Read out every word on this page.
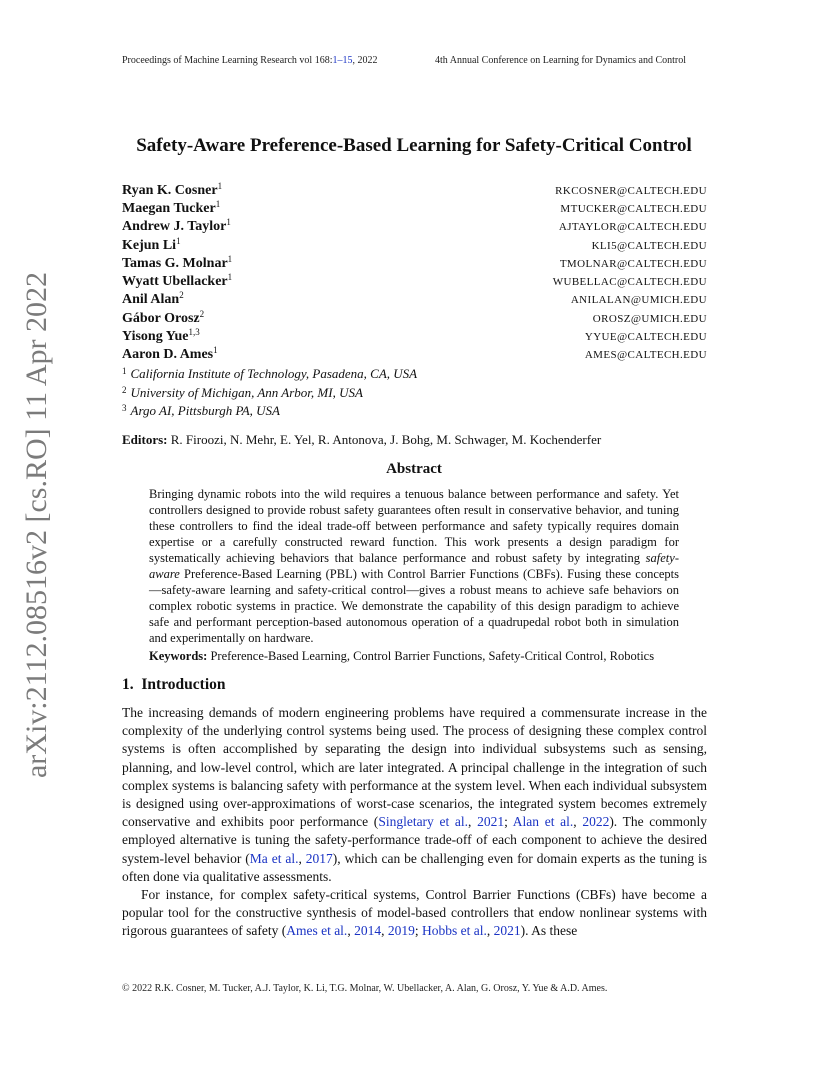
Proceedings of Machine Learning Research vol 168:1–15, 2022	4th Annual Conference on Learning for Dynamics and Control
arXiv:2112.08516v2 [cs.RO] 11 Apr 2022
Safety-Aware Preference-Based Learning for Safety-Critical Control
Ryan K. Cosner$^1$	RKCOSNER@CALTECH.EDU
Maegan Tucker$^1$	MTUCKER@CALTECH.EDU
Andrew J. Taylor$^1$	AJTAYLOR@CALTECH.EDU
Kejun Li$^1$	KLI5@CALTECH.EDU
Tamas G. Molnar$^1$	TMOLNAR@CALTECH.EDU
Wyatt Ubellacker$^1$	WUBELLAC@CALTECH.EDU
Anil Alan$^2$	ANILALAN@UMICH.EDU
Gábor Orosz$^2$	OROSZ@UMICH.EDU
Yisong Yue$^{1,3}$	YYUE@CALTECH.EDU
Aaron D. Ames$^1$	AMES@CALTECH.EDU
$^1$ California Institute of Technology, Pasadena, CA, USA
$^2$ University of Michigan, Ann Arbor, MI, USA
$^3$ Argo AI, Pittsburgh PA, USA
Editors: R. Firoozi, N. Mehr, E. Yel, R. Antonova, J. Bohg, M. Schwager, M. Kochenderfer
Abstract

Bringing dynamic robots into the wild requires a tenuous balance between performance and safety. Yet controllers designed to provide robust safety guarantees often result in conservative behavior, and tuning these controllers to find the ideal trade-off between performance and safety typically requires domain expertise or a carefully constructed reward function. This work presents a design paradigm for systematically achieving behaviors that balance performance and robust safety by integrating safety-aware Preference-Based Learning (PBL) with Control Barrier Functions (CBFs). Fusing these concepts—safety-aware learning and safety-critical control—gives a robust means to achieve safe behaviors on complex robotic systems in practice. We demonstrate the capability of this design paradigm to achieve safe and performant perception-based autonomous operation of a quadrupedal robot both in simulation and experimentally on hardware.

Keywords: Preference-Based Learning, Control Barrier Functions, Safety-Critical Control, Robotics
1. Introduction

The increasing demands of modern engineering problems have required a commensurate increase in the complexity of the underlying control systems being used. The process of designing these complex control systems is often accomplished by separating the design into individual subsystems such as sensing, planning, and low-level control, which are later integrated. A principal challenge in the integration of such complex systems is balancing safety with performance at the system level. When each individual subsystem is designed using over-approximations of worst-case scenarios, the integrated system becomes extremely conservative and exhibits poor performance (Singletary et al., 2021; Alan et al., 2022). The commonly employed alternative is tuning the safety-performance trade-off of each component to achieve the desired system-level behavior (Ma et al., 2017), which can be challenging even for domain experts as the tuning is often done via qualitative assessments.

For instance, for complex safety-critical systems, Control Barrier Functions (CBFs) have become a popular tool for the constructive synthesis of model-based controllers that endow nonlinear systems with rigorous guarantees of safety (Ames et al., 2014, 2019; Hobbs et al., 2021). As these

© 2022 R.K. Cosner, M. Tucker, A.J. Taylor, K. Li, T.G. Molnar, W. Ubellacker, A. Alan, G. Orosz, Y. Yue & A.D. Ames.
